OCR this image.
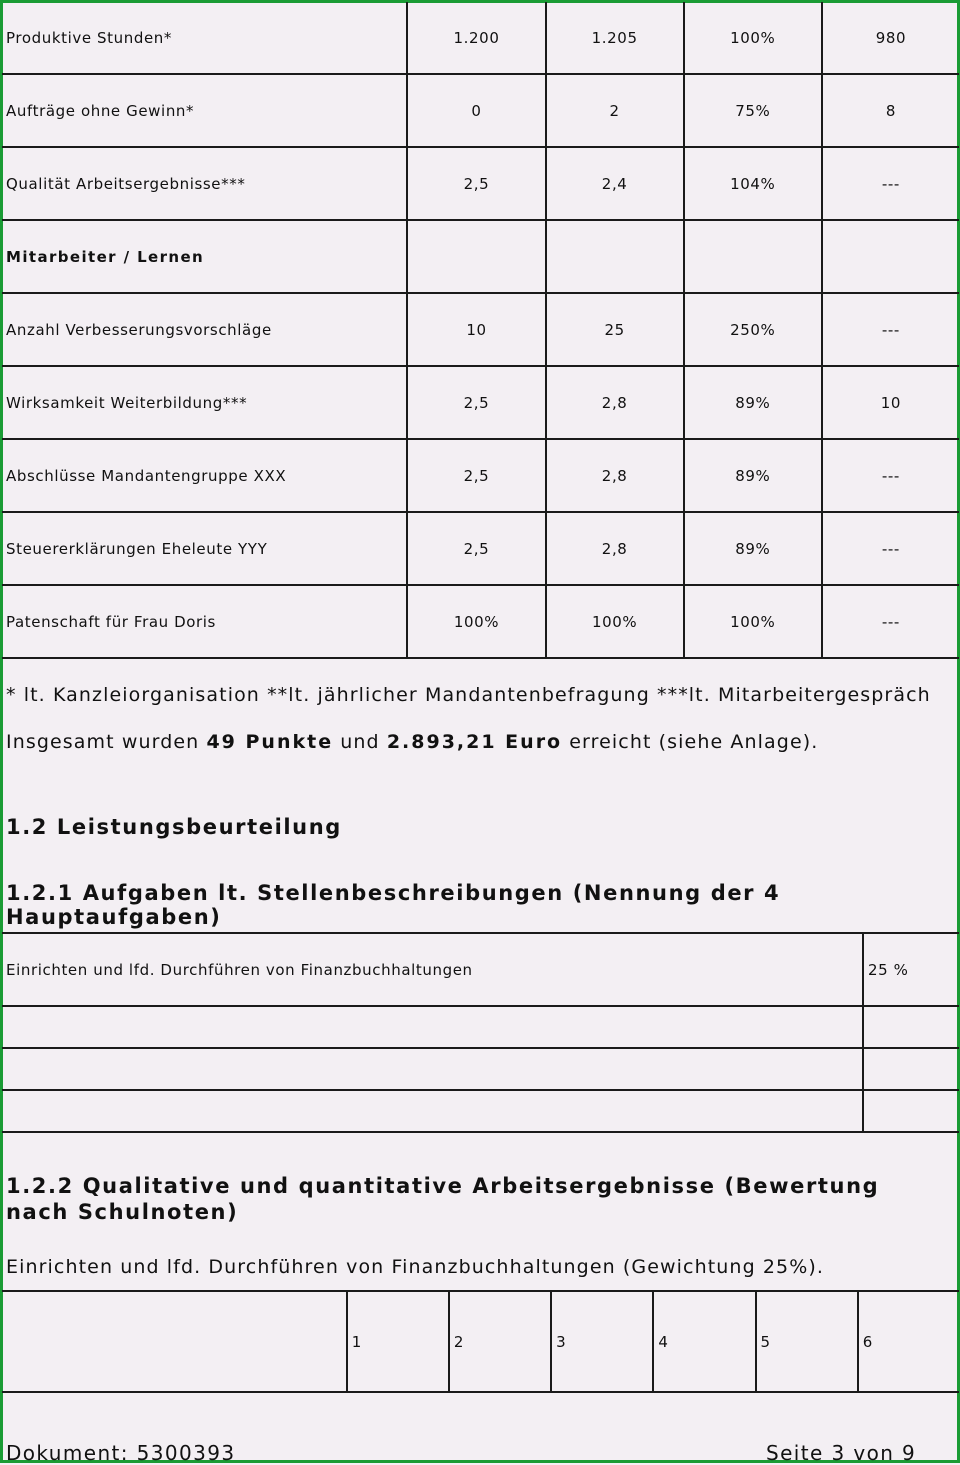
Produktive Stunden*	1.200	1.205	100%	980
Aufträge ohne Gewinn*	0	2	75%	8
Qualität Arbeitsergebnisse***	2,5	2,4	104%	---
Mitarbeiter / Lernen				
Anzahl Verbesserungsvorschläge	10	25	250%	---
Wirksamkeit Weiterbildung***	2,5	2,8	89%	10
Abschlüsse Mandantengruppe XXX	2,5	2,8	89%	---
Steuererklärungen Eheleute YYY	2,5	2,8	89%	---
Patenschaft für Frau Doris	100%	100%	100%	---
* lt. Kanzleiorganisation **lt. jährlicher Mandantenbefragung ***lt. Mitarbeitergespräch
Insgesamt wurden 49 Punkte und 2.893,21 Euro erreicht (siehe Anlage).
1.2 Leistungsbeurteilung
1.2.1 Aufgaben lt. Stellenbeschreibungen (Nennung der 4 Hauptaufgaben)
Einrichten und lfd. Durchführen von Finanzbuchhaltungen	25 %

1.2.2 Qualitative und quantitative Arbeitsergebnisse (Bewertung nach Schulnoten)
Einrichten und lfd. Durchführen von Finanzbuchhaltungen (Gewichtung 25%).
	1	2	3	4	5	6
Dokument: 5300393	Seite 3 von 9
